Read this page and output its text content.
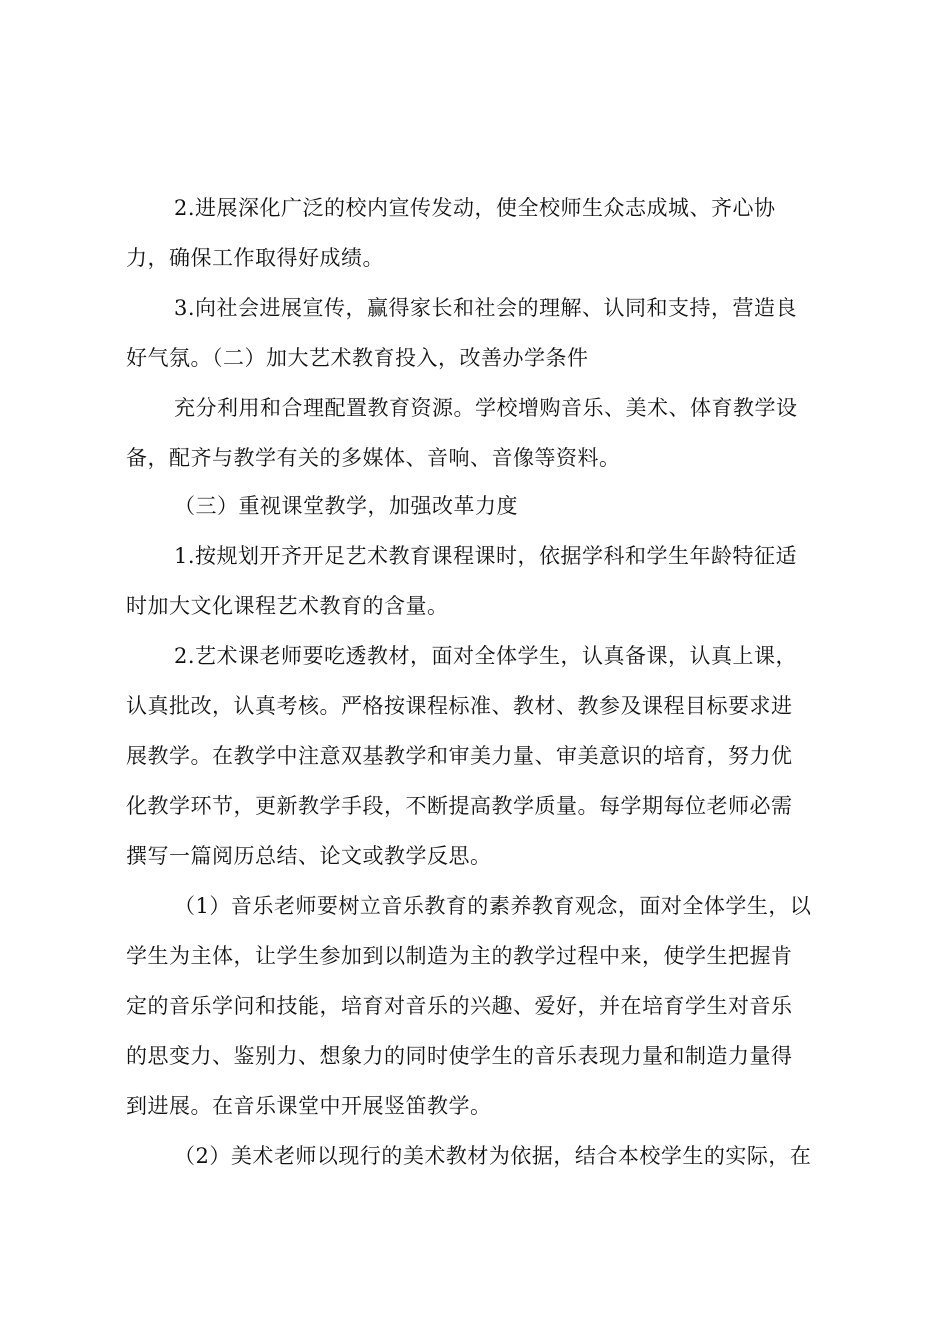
2.进展深化广泛的校内宣传发动，使全校师生众志成城、齐心协
力，确保工作取得好成绩。
3.向社会进展宣传，赢得家长和社会的理解、认同和支持，营造良
好气氛。（二）加大艺术教育投入，改善办学条件
充分利用和合理配置教育资源。学校增购音乐、美术、体育教学设
备，配齐与教学有关的多媒体、音响、音像等资料。
（三）重视课堂教学，加强改革力度
1.按规划开齐开足艺术教育课程课时，依据学科和学生年龄特征适
时加大文化课程艺术教育的含量。
2.艺术课老师要吃透教材，面对全体学生，认真备课，认真上课，
认真批改，认真考核。严格按课程标准、教材、教参及课程目标要求进
展教学。在教学中注意双基教学和审美力量、审美意识的培育，努力优
化教学环节，更新教学手段，不断提高教学质量。每学期每位老师必需
撰写一篇阅历总结、论文或教学反思。
（1）音乐老师要树立音乐教育的素养教育观念，面对全体学生，以
学生为主体，让学生参加到以制造为主的教学过程中来，使学生把握肯
定的音乐学问和技能，培育对音乐的兴趣、爱好，并在培育学生对音乐
的思变力、鉴别力、想象力的同时使学生的音乐表现力量和制造力量得
到进展。在音乐课堂中开展竖笛教学。
（2）美术老师以现行的美术教材为依据，结合本校学生的实际，在
